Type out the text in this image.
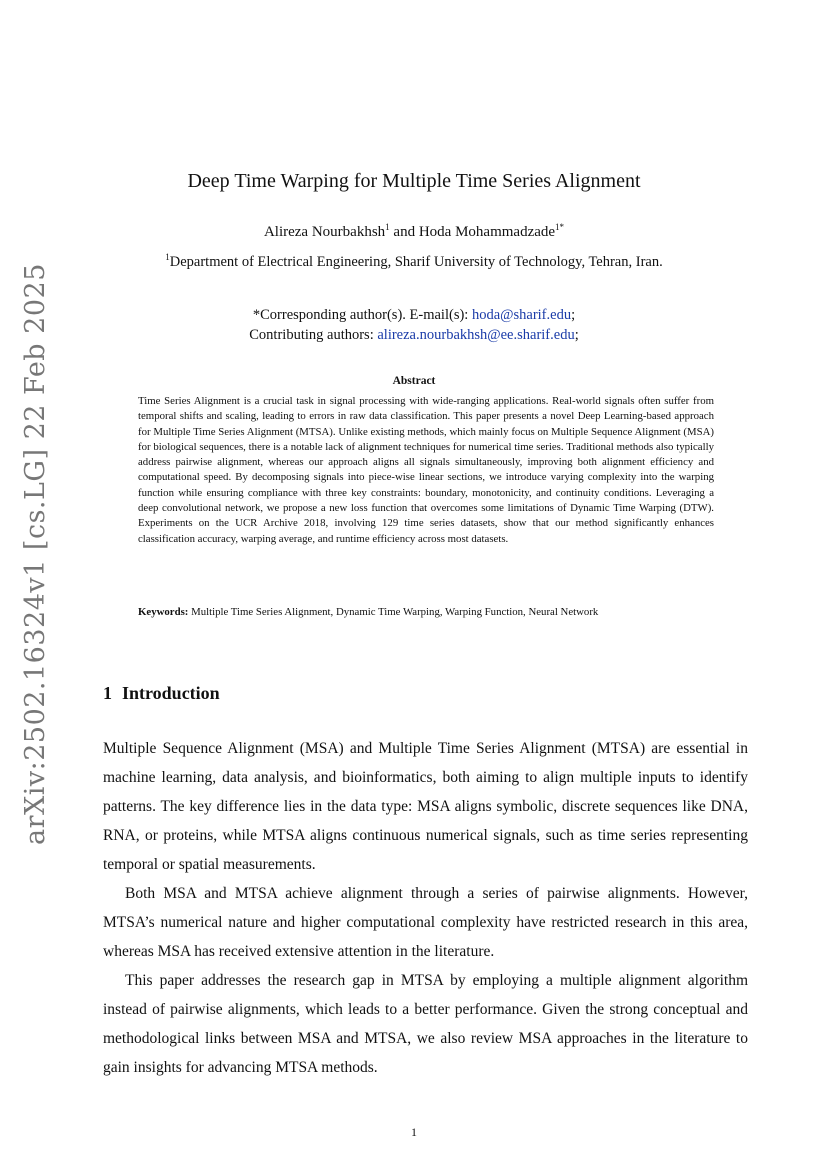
arXiv:2502.16324v1 [cs.LG] 22 Feb 2025
Deep Time Warping for Multiple Time Series Alignment
Alireza Nourbakhsh$^1$ and Hoda Mohammadzade$^{1*}$
$^1$Department of Electrical Engineering, Sharif University of Technology, Tehran, Iran.
*Corresponding author(s). E-mail(s): hoda@sharif.edu;
Contributing authors: alireza.nourbakhsh@ee.sharif.edu;
Abstract
Time Series Alignment is a crucial task in signal processing with wide-ranging applications. Real-world signals often suffer from temporal shifts and scaling, leading to errors in raw data classification. This paper presents a novel Deep Learning-based approach for Multiple Time Series Alignment (MTSA). Unlike existing methods, which mainly focus on Multiple Sequence Alignment (MSA) for biological sequences, there is a notable lack of alignment techniques for numerical time series. Traditional methods also typically address pairwise alignment, whereas our approach aligns all signals simultaneously, improving both alignment efficiency and computational speed. By decomposing signals into piece-wise linear sections, we introduce varying complexity into the warping function while ensuring compliance with three key constraints: boundary, monotonicity, and continuity conditions. Leveraging a deep convolutional network, we propose a new loss function that overcomes some limitations of Dynamic Time Warping (DTW). Experiments on the UCR Archive 2018, involving 129 time series datasets, show that our method significantly enhances classification accuracy, warping average, and runtime efficiency across most datasets.
Keywords: Multiple Time Series Alignment, Dynamic Time Warping, Warping Function, Neural Network
1 Introduction

Multiple Sequence Alignment (MSA) and Multiple Time Series Alignment (MTSA) are essential in machine learning, data analysis, and bioinformatics, both aiming to align multiple inputs to identify patterns. The key difference lies in the data type: MSA aligns symbolic, discrete sequences like DNA, RNA, or proteins, while MTSA aligns continuous numerical signals, such as time series representing temporal or spatial measurements.

Both MSA and MTSA achieve alignment through a series of pairwise alignments. However, MTSA’s numerical nature and higher computational complexity have restricted research in this area, whereas MSA has received extensive attention in the literature.

This paper addresses the research gap in MTSA by employing a multiple alignment algorithm instead of pairwise alignments, which leads to a better performance. Given the strong conceptual and methodological links between MSA and MTSA, we also review MSA approaches in the literature to gain insights for advancing MTSA methods.

1
